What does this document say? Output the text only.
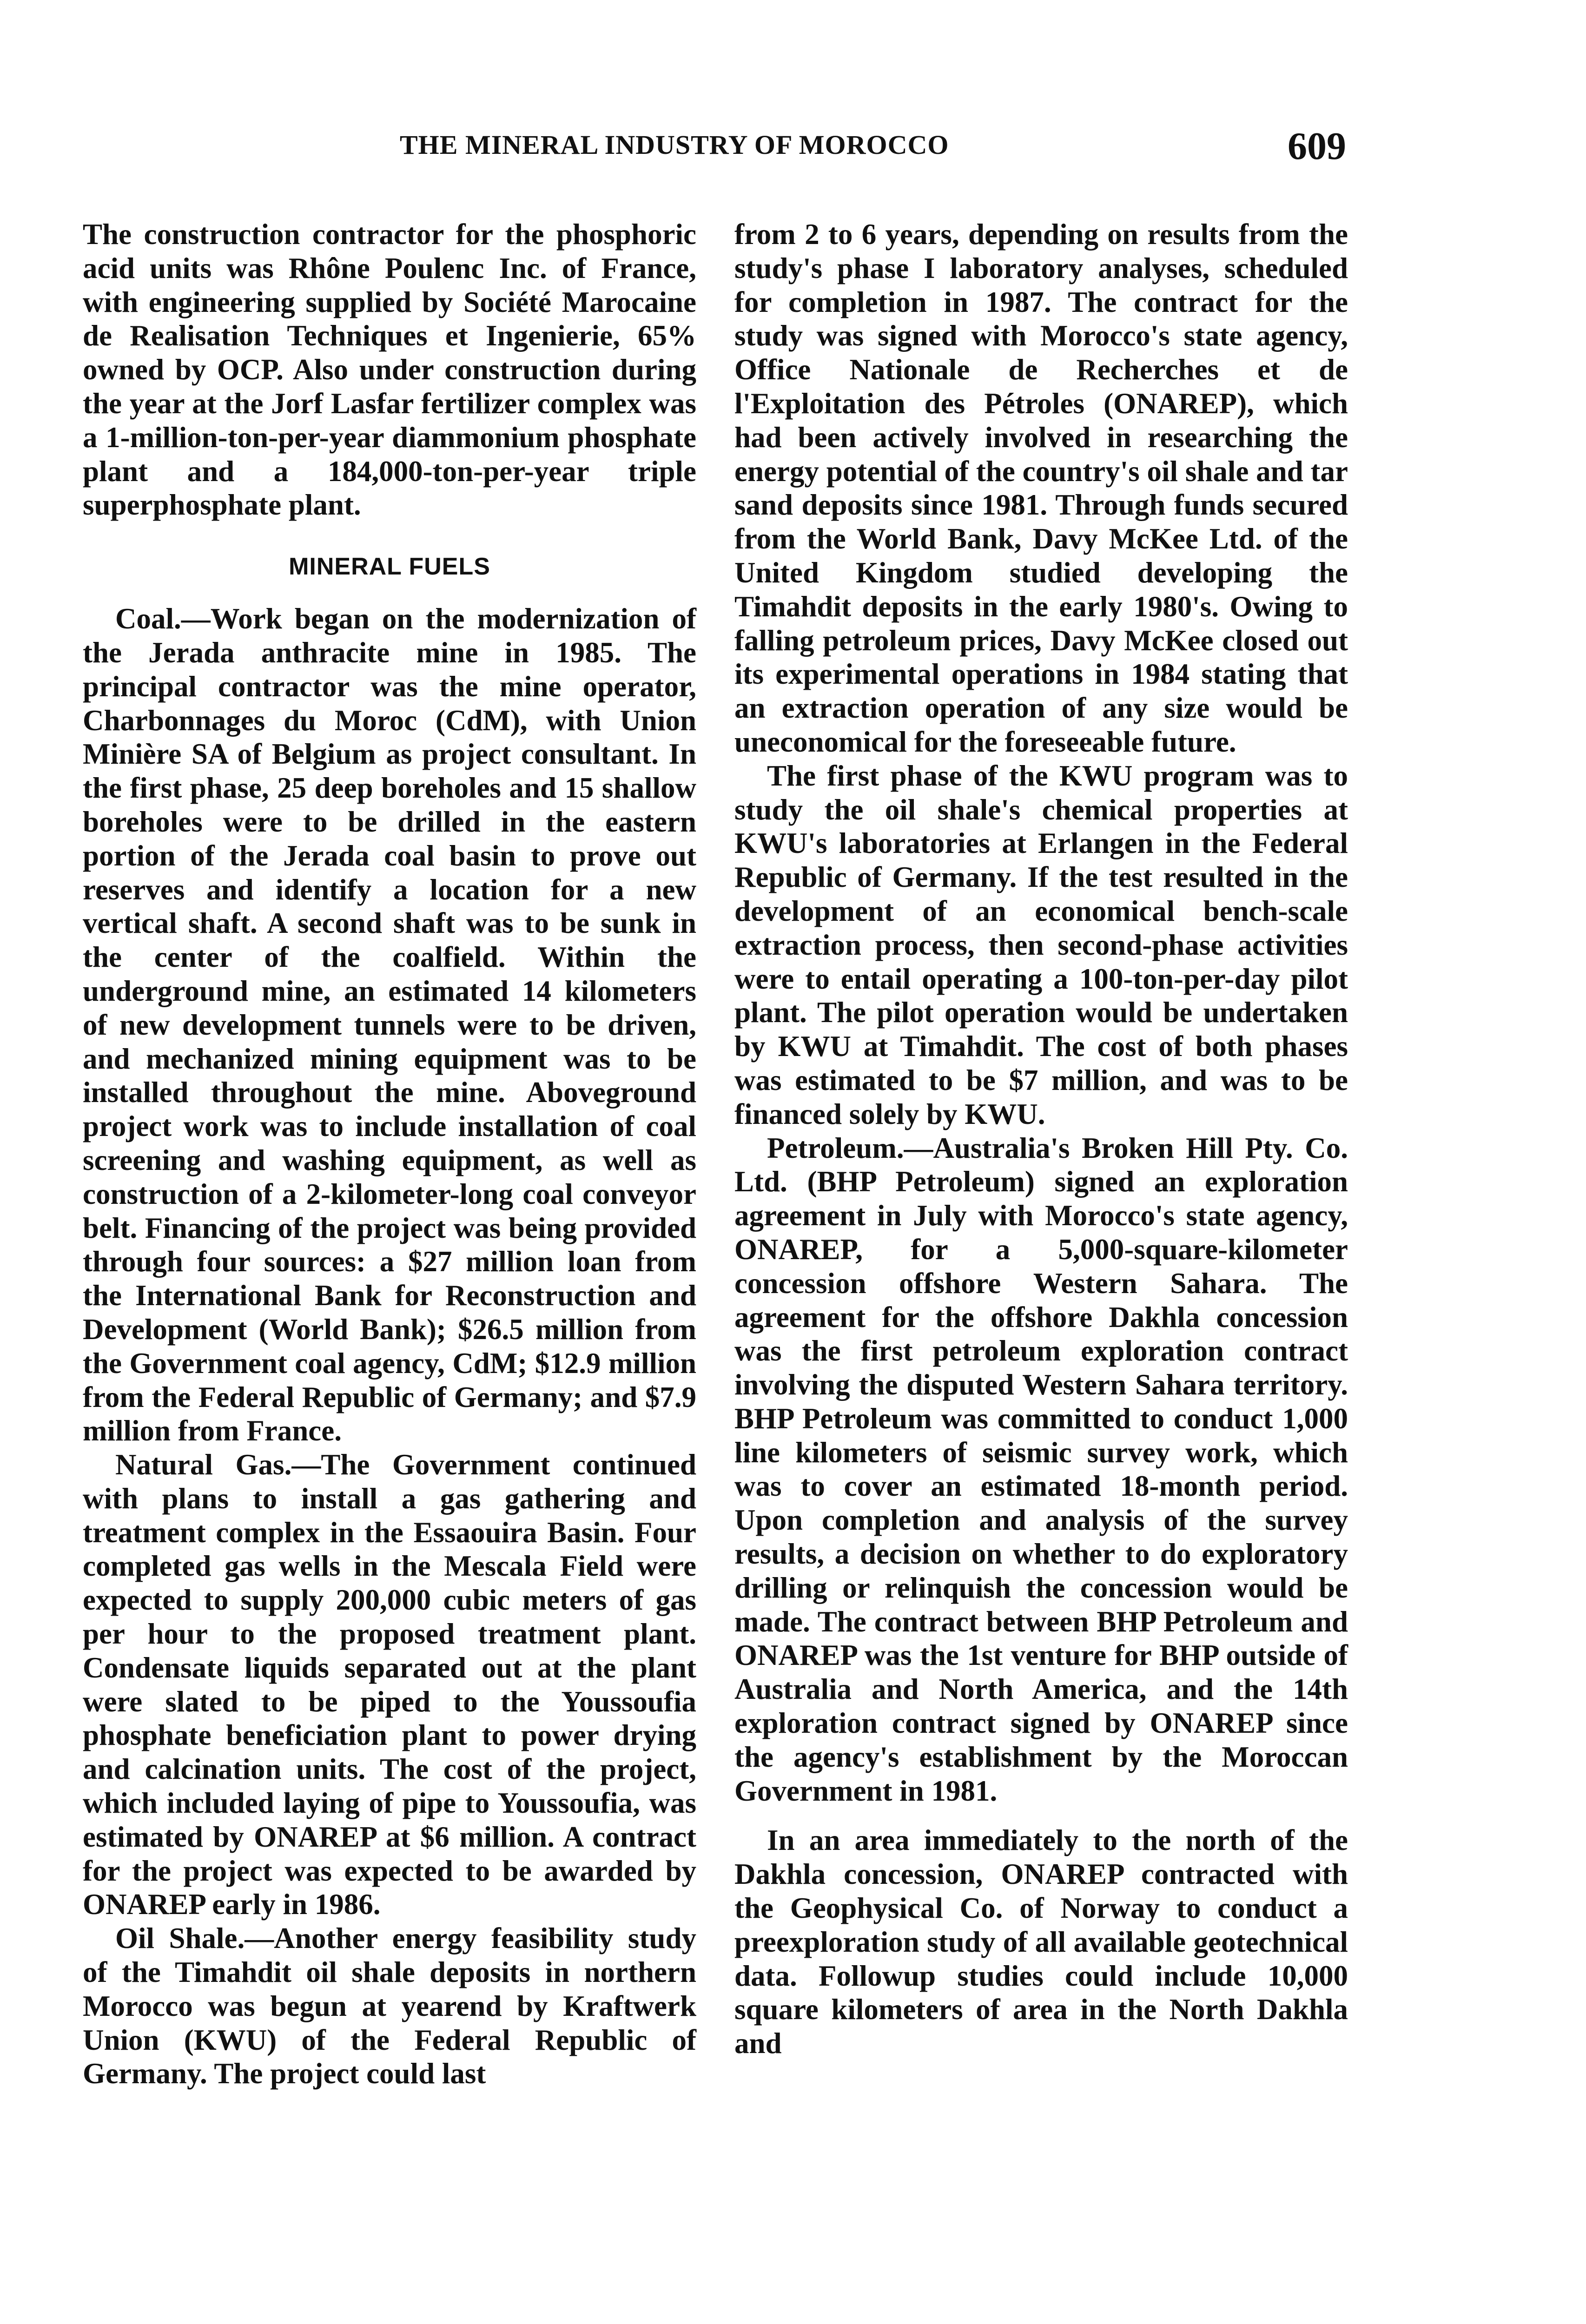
THE MINERAL INDUSTRY OF MOROCCO	609

The construction contractor for the phosphoric acid units was Rhône Poulenc Inc. of France, with engineering supplied by Société Marocaine de Realisation Techniques et Ingenierie, 65% owned by OCP. Also under construction during the year at the Jorf Lasfar fertilizer complex was a 1-million-ton-per-year diammonium phosphate plant and a 184,000-ton-per-year triple superphosphate plant.

MINERAL FUELS

Coal.—Work began on the modernization of the Jerada anthracite mine in 1985. The principal contractor was the mine operator, Charbonnages du Moroc (CdM), with Union Minière SA of Belgium as project consultant. In the first phase, 25 deep boreholes and 15 shallow boreholes were to be drilled in the eastern portion of the Jerada coal basin to prove out reserves and identify a location for a new vertical shaft. A second shaft was to be sunk in the center of the coalfield. Within the underground mine, an estimated 14 kilometers of new development tunnels were to be driven, and mechanized mining equipment was to be installed throughout the mine. Aboveground project work was to include installation of coal screening and washing equipment, as well as construction of a 2-kilometer-long coal conveyor belt. Financing of the project was being provided through four sources: a $27 million loan from the International Bank for Reconstruction and Development (World Bank); $26.5 million from the Government coal agency, CdM; $12.9 million from the Federal Republic of Germany; and $7.9 million from France.

Natural Gas.—The Government continued with plans to install a gas gathering and treatment complex in the Essaouira Basin. Four completed gas wells in the Mescala Field were expected to supply 200,000 cubic meters of gas per hour to the proposed treatment plant. Condensate liquids separated out at the plant were slated to be piped to the Youssoufia phosphate beneficiation plant to power drying and calcination units. The cost of the project, which included laying of pipe to Youssoufia, was estimated by ONAREP at $6 million. A contract for the project was expected to be awarded by ONAREP early in 1986.

Oil Shale.—Another energy feasibility study of the Timahdit oil shale deposits in northern Morocco was begun at yearend by Kraftwerk Union (KWU) of the Federal Republic of Germany. The project could last

from 2 to 6 years, depending on results from the study's phase I laboratory analyses, scheduled for completion in 1987. The contract for the study was signed with Morocco's state agency, Office Nationale de Recherches et de l'Exploitation des Pétroles (ONAREP), which had been actively involved in researching the energy potential of the country's oil shale and tar sand deposits since 1981. Through funds secured from the World Bank, Davy McKee Ltd. of the United Kingdom studied developing the Timahdit deposits in the early 1980's. Owing to falling petroleum prices, Davy McKee closed out its experimental operations in 1984 stating that an extraction operation of any size would be uneconomical for the foreseeable future.

The first phase of the KWU program was to study the oil shale's chemical properties at KWU's laboratories at Erlangen in the Federal Republic of Germany. If the test resulted in the development of an economical bench-scale extraction process, then second-phase activities were to entail operating a 100-ton-per-day pilot plant. The pilot operation would be undertaken by KWU at Timahdit. The cost of both phases was estimated to be $7 million, and was to be financed solely by KWU.

Petroleum.—Australia's Broken Hill Pty. Co. Ltd. (BHP Petroleum) signed an exploration agreement in July with Morocco's state agency, ONAREP, for a 5,000-square-kilometer concession offshore Western Sahara. The agreement for the offshore Dakhla concession was the first petroleum exploration contract involving the disputed Western Sahara territory. BHP Petroleum was committed to conduct 1,000 line kilometers of seismic survey work, which was to cover an estimated 18-month period. Upon completion and analysis of the survey results, a decision on whether to do exploratory drilling or relinquish the concession would be made. The contract between BHP Petroleum and ONAREP was the 1st venture for BHP outside of Australia and North America, and the 14th exploration contract signed by ONAREP since the agency's establishment by the Moroccan Government in 1981.

In an area immediately to the north of the Dakhla concession, ONAREP contracted with the Geophysical Co. of Norway to conduct a preexploration study of all available geotechnical data. Followup studies could include 10,000 square kilometers of area in the North Dakhla and
